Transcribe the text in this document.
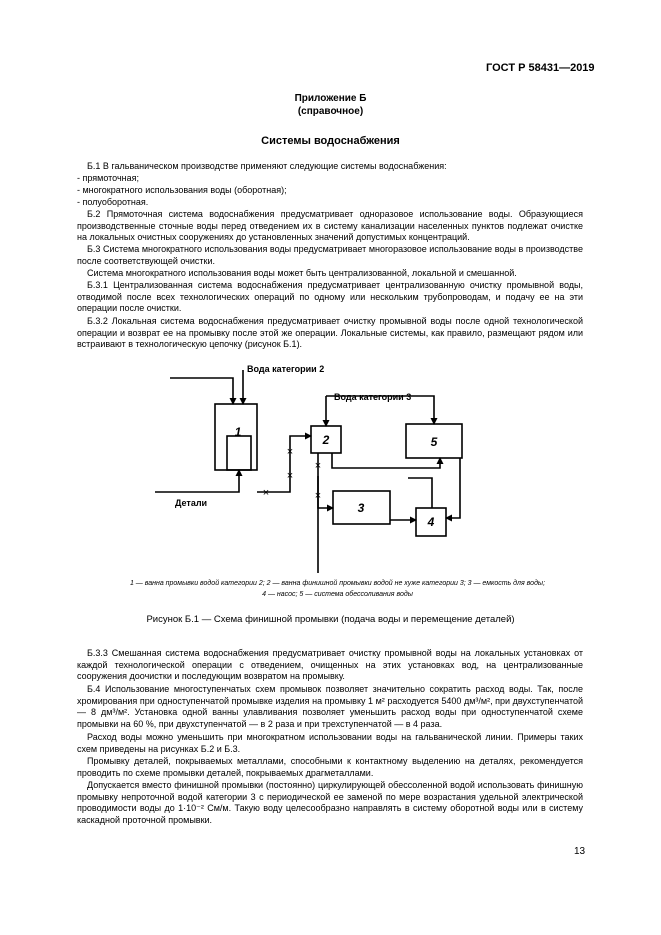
ГОСТ Р 58431—2019
Приложение Б
(справочное)
Системы водоснабжения

Б.1 В гальваническом производстве применяют следующие системы водоснабжения:

- прямоточная;

- многократного использования воды (оборотная);

- полуоборотная.

Б.2 Прямоточная система водоснабжения предусматривает одноразовое использование воды. Образующиеся производственные сточные воды перед отведением их в систему канализации населенных пунктов подлежат очистке на локальных очистных сооружениях до установленных значений допустимых концентраций.

Б.3 Система многократного использования воды предусматривает многоразовое использование воды в производстве после соответствующей очистки.

Система многократного использования воды может быть централизованной, локальной и смешанной.

Б.3.1 Централизованная система водоснабжения предусматривает централизованную очистку промывной воды, отводимой после всех технологических операций по одному или нескольким трубопроводам, и подачу ее на эти операции после очистки.

Б.3.2 Локальная система водоснабжения предусматривает очистку промывной воды после одной технологической операции и возврат ее на промывку после этой же операции. Локальные системы, как правило, размещают рядом или встраивают в технологическую цепочку (рисунок Б.1).

×
×
×
×
×
Вода категории 2
Вода категории 3
Детали
1
2
3
4
5
1 — ванна промывки водой категории 2; 2 — ванна финишной промывки водой не хуже категории 3; 3 — емкость для воды;
4 — насос; 5 — система обессоливания воды
Рисунок Б.1 — Схема финишной промывки (подача воды и перемещение деталей)

Б.3.3 Смешанная система водоснабжения предусматривает очистку промывной воды на локальных установках от каждой технологической операции с отведением, очищенных на этих установках вод, на централизованные сооружения доочистки и последующим возвратом на промывку.

Б.4 Использование многоступенчатых схем промывок позволяет значительно сократить расход воды. Так, после хромирования при одноступенчатой промывке изделия на промывку 1 м² расходуется 5400 дм³/м², при двухступенчатой — 8 дм³/м². Установка одной ванны улавливания позволяет уменьшить расход воды при одноступенчатой схеме промывки на 60 %, при двухступенчатой — в 2 раза и при трехступенчатой — в 4 раза.

Расход воды можно уменьшить при многократном использовании воды на гальванической линии. Примеры таких схем приведены на рисунках Б.2 и Б.3.

Промывку деталей, покрываемых металлами, способными к контактному выделению на деталях, рекомендуется проводить по схеме промывки деталей, покрываемых драгметаллами.

Допускается вместо финишной промывки (постоянно) циркулирующей обессоленной водой использовать финишную промывку непроточной водой категории 3 с периодической ее заменой по мере возрастания удельной электрической проводимости воды до 1·10⁻² См/м. Такую воду целесообразно направлять в систему оборотной воды или в систему каскадной проточной промывки.

13
